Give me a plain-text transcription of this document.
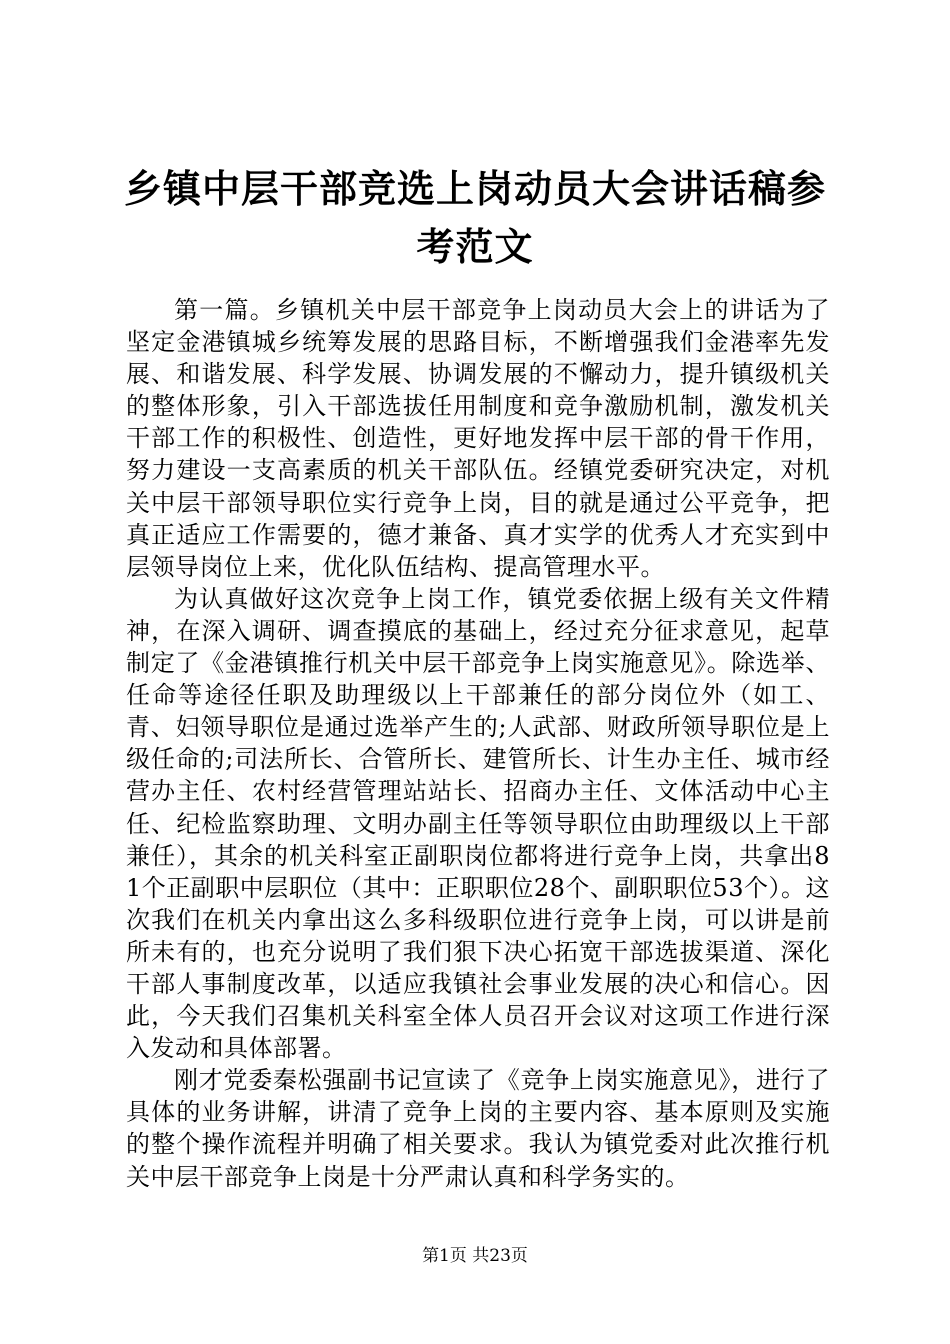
乡镇中层干部竞选上岗动员大会讲话稿参考范文

第一篇。乡镇机关中层干部竞争上岗动员大会上的讲话为了坚定金港镇城乡统筹发展的思路目标，不断增强我们金港率先发展、和谐发展、科学发展、协调发展的不懈动力，提升镇级机关的整体形象，引入干部选拔任用制度和竞争激励机制，激发机关干部工作的积极性、创造性，更好地发挥中层干部的骨干作用，努力建设一支高素质的机关干部队伍。经镇党委研究决定，对机关中层干部领导职位实行竞争上岗，目的就是通过公平竞争，把真正适应工作需要的，德才兼备、真才实学的优秀人才充实到中层领导岗位上来，优化队伍结构、提高管理水平。

为认真做好这次竞争上岗工作，镇党委依据上级有关文件精神，在深入调研、调查摸底的基础上，经过充分征求意见，起草制定了《金港镇推行机关中层干部竞争上岗实施意见》。除选举、任命等途径任职及助理级以上干部兼任的部分岗位外（如工、青、妇领导职位是通过选举产生的;人武部、财政所领导职位是上级任命的;司法所长、合管所长、建管所长、计生办主任、城市经营办主任、农村经营管理站站长、招商办主任、文体活动中心主任、纪检监察助理、文明办副主任等领导职位由助理级以上干部兼任），其余的机关科室正副职岗位都将进行竞争上岗，共拿出81个正副职中层职位（其中：正职职位28个、副职职位53个）。这次我们在机关内拿出这么多科级职位进行竞争上岗，可以讲是前所未有的，也充分说明了我们狠下决心拓宽干部选拔渠道、深化干部人事制度改革，以适应我镇社会事业发展的决心和信心。因此，今天我们召集机关科室全体人员召开会议对这项工作进行深入发动和具体部署。

刚才党委秦松强副书记宣读了《竞争上岗实施意见》，进行了具体的业务讲解，讲清了竞争上岗的主要内容、基本原则及实施的整个操作流程并明确了相关要求。我认为镇党委对此次推行机关中层干部竞争上岗是十分严肃认真和科学务实的。

第1页 共23页
